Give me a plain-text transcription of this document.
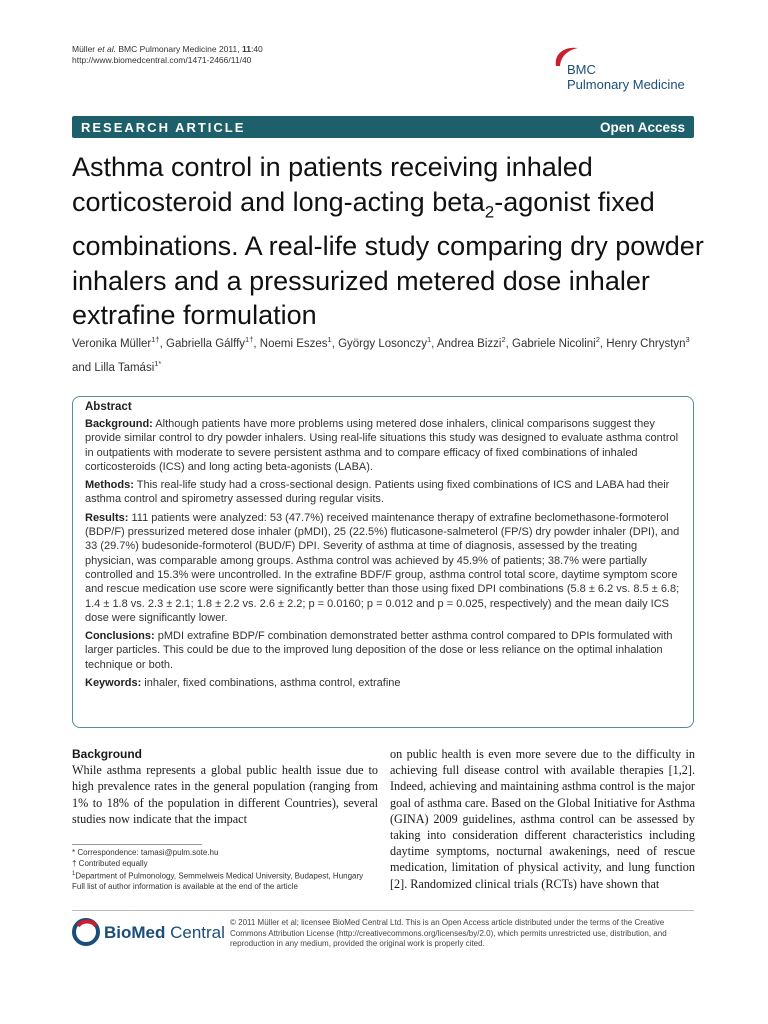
Müller et al. BMC Pulmonary Medicine 2011, 11:40
http://www.biomedcentral.com/1471-2466/11/40
BMC
Pulmonary Medicine
RESEARCH ARTICLE	Open Access
Asthma control in patients receiving inhaled corticosteroid and long-acting beta$_2$-agonist fixed combinations. A real-life study comparing dry powder inhalers and a pressurized metered dose inhaler extrafine formulation
Veronika Müller$^{1\dagger}$, Gabriella Gálffy$^{1\dagger}$, Noemi Eszes$^1$, György Losonczy$^1$, Andrea Bizzi$^2$, Gabriele Nicolini$^2$, Henry Chrystyn$^3$ and Lilla Tamási$^{1*}$
Abstract

Background: Although patients have more problems using metered dose inhalers, clinical comparisons suggest they provide similar control to dry powder inhalers. Using real-life situations this study was designed to evaluate asthma control in outpatients with moderate to severe persistent asthma and to compare efficacy of fixed combinations of inhaled corticosteroids (ICS) and long acting beta-agonists (LABA).

Methods: This real-life study had a cross-sectional design. Patients using fixed combinations of ICS and LABA had their asthma control and spirometry assessed during regular visits.

Results: 111 patients were analyzed: 53 (47.7%) received maintenance therapy of extrafine beclomethasone-formoterol (BDP/F) pressurized metered dose inhaler (pMDI), 25 (22.5%) fluticasone-salmeterol (FP/S) dry powder inhaler (DPI), and 33 (29.7%) budesonide-formoterol (BUD/F) DPI. Severity of asthma at time of diagnosis, assessed by the treating physician, was comparable among groups. Asthma control was achieved by 45.9% of patients; 38.7% were partially controlled and 15.3% were uncontrolled. In the extrafine BDF/F group, asthma control total score, daytime symptom score and rescue medication use score were significantly better than those using fixed DPI combinations (5.8 ± 6.2 vs. 8.5 ± 6.8; 1.4 ± 1.8 vs. 2.3 ± 2.1; 1.8 ± 2.2 vs. 2.6 ± 2.2; p = 0.0160; p = 0.012 and p = 0.025, respectively) and the mean daily ICS dose were significantly lower.

Conclusions: pMDI extrafine BDP/F combination demonstrated better asthma control compared to DPIs formulated with larger particles. This could be due to the improved lung deposition of the dose or less reliance on the optimal inhalation technique or both.

Keywords: inhaler, fixed combinations, asthma control, extrafine

Background

While asthma represents a global public health issue due to high prevalence rates in the general population (ranging from 1% to 18% of the population in different Countries), several studies now indicate that the impact

on public health is even more severe due to the difficulty in achieving full disease control with available therapies [1,2]. Indeed, achieving and maintaining asthma control is the major goal of asthma care. Based on the Global Initiative for Asthma (GINA) 2009 guidelines, asthma control can be assessed by taking into consideration different characteristics including daytime symptoms, nocturnal awakenings, need of rescue medication, limitation of physical activity, and lung function [2]. Randomized clinical trials (RCTs) have shown that

* Correspondence: tamasi@pulm.sote.hu
† Contributed equally
$^1$Department of Pulmonology, Semmelweis Medical University, Budapest, Hungary
Full list of author information is available at the end of the article
BioMed Central
© 2011 Müller et al; licensee BioMed Central Ltd. This is an Open Access article distributed under the terms of the Creative Commons Attribution License (http://creativecommons.org/licenses/by/2.0), which permits unrestricted use, distribution, and reproduction in any medium, provided the original work is properly cited.
